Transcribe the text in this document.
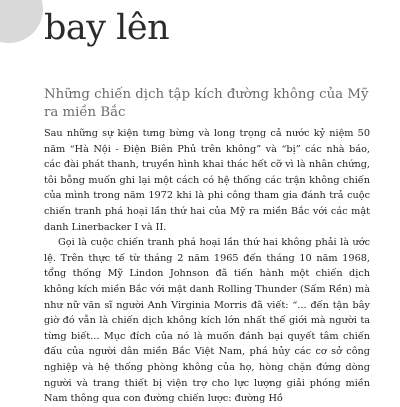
bay lên
Những chiến dịch tập kích đường không của Mỹ ra miền Bắc

Sau những sự kiện tưng bừng và long trọng cả nước kỷ niệm 50 năm “Hà Nội - Điện Biên Phủ trên không” và “bị” các nhà báo, các đài phát thanh, truyền hình khai thác hết cỡ vì là nhân chứng, tôi bỗng muốn ghi lại một cách có hệ thống các trận không chiến của mình trong năm 1972 khi là phi công tham gia đánh trả cuộc chiến tranh phá hoại lần thứ hai của Mỹ ra miền Bắc với các mật danh Linerbacker I và II.

Gọi là cuộc chiến tranh phá hoại lần thứ hai không phải là ước lệ. Trên thực tế từ tháng 2 năm 1965 đến tháng 10 năm 1968, tổng thống Mỹ Lindon Johnson đã tiến hành một chiến dịch không kích miền Bắc với mật danh Rolling Thunder (Sấm Rền) mà như nữ văn sĩ người Anh Virginia Morris đã viết: “... đến tận bây giờ đó vẫn là chiến dịch không kích lớn nhất thế giới mà người ta từng biết... Mục đích của nó là muốn đánh bại quyết tâm chiến đấu của người dân miền Bắc Việt Nam, phá hủy các cơ sở công nghiệp và hệ thống phòng không của họ, hòng chặn đứng dòng người và trang thiết bị viện trợ cho lực lượng giải phóng miền Nam thông qua con đường chiến lược: đường Hồ
